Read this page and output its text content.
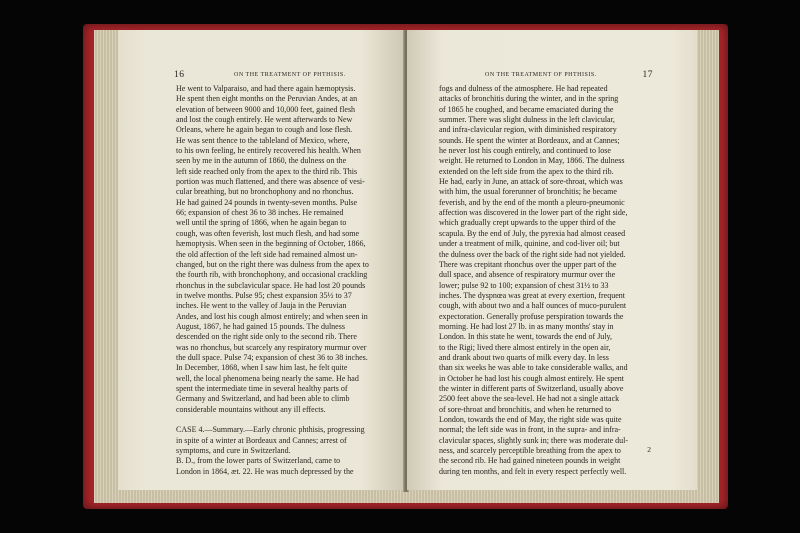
16	ON THE TREATMENT OF PHTHISIS.
He went to Valparaiso, and had there again hæmoptysis.
He spent then eight months on the Peruvian Andes, at an
elevation of between 9000 and 10,000 feet, gained flesh
and lost the cough entirely. He went afterwards to New
Orleans, where he again began to cough and lose flesh.
He was sent thence to the tableland of Mexico, where,
to his own feeling, he entirely recovered his health. When
seen by me in the autumn of 1860, the dulness on the
left side reached only from the apex to the third rib. This
portion was much flattened, and there was absence of vesi-
cular breathing, but no bronchophony and no rhonchus.
He had gained 24 pounds in twenty-seven months. Pulse
66; expansion of chest 36 to 38 inches. He remained
well until the spring of 1866, when he again began to
cough, was often feverish, lost much flesh, and had some
hæmoptysis. When seen in the beginning of October, 1866,
the old affection of the left side had remained almost un-
changed, but on the right there was dulness from the apex to
the fourth rib, with bronchophony, and occasional crackling
rhonchus in the subclavicular space. He had lost 20 pounds
in twelve months. Pulse 95; chest expansion 35½ to 37
inches. He went to the valley of Jauja in the Peruvian
Andes, and lost his cough almost entirely; and when seen in
August, 1867, he had gained 15 pounds. The dulness
descended on the right side only to the second rib. There
was no rhonchus, but scarcely any respiratory murmur over
the dull space. Pulse 74; expansion of chest 36 to 38 inches.
In December, 1868, when I saw him last, he felt quite
well, the local phenomena being nearly the same. He had
spent the intermediate time in several healthy parts of
Germany and Switzerland, and had been able to climb
considerable mountains without any ill effects.
CASE 4.—Summary.—Early chronic phthisis, progressing
in spite of a winter at Bordeaux and Cannes; arrest of
symptoms, and cure in Switzerland.
B. D., from the lower parts of Switzerland, came to
London in 1864, æt. 22. He was much depressed by the
ON THE TREATMENT OF PHTHISIS.	17
fogs and dulness of the atmosphere. He had repeated
attacks of bronchitis during the winter, and in the spring
of 1865 he coughed, and became emaciated during the
summer. There was slight dulness in the left clavicular,
and infra-clavicular region, with diminished respiratory
sounds. He spent the winter at Bordeaux, and at Cannes;
he never lost his cough entirely, and continued to lose
weight. He returned to London in May, 1866. The dulness
extended on the left side from the apex to the third rib.
He had, early in June, an attack of sore-throat, which was
with him, the usual forerunner of bronchitis; he became
feverish, and by the end of the month a pleuro-pneumonic
affection was discovered in the lower part of the right side,
which gradually crept upwards to the upper third of the
scapula. By the end of July, the pyrexia had almost ceased
under a treatment of milk, quinine, and cod-liver oil; but
the dulness over the back of the right side had not yielded.
There was crepitant rhonchus over the upper part of the
dull space, and absence of respiratory murmur over the
lower; pulse 92 to 100; expansion of chest 31½ to 33
inches. The dyspnœa was great at every exertion, frequent
cough, with about two and a half ounces of muco-purulent
expectoration. Generally profuse perspiration towards the
morning. He had lost 27 lb. in as many months' stay in
London. In this state he went, towards the end of July,
to the Rigi; lived there almost entirely in the open air,
and drank about two quarts of milk every day. In less
than six weeks he was able to take considerable walks, and
in October he had lost his cough almost entirely. He spent
the winter in different parts of Switzerland, usually above
2500 feet above the sea-level. He had not a single attack
of sore-throat and bronchitis, and when he returned to
London, towards the end of May, the right side was quite
normal; the left side was in front, in the supra- and infra-
clavicular spaces, slightly sunk in; there was moderate dul-
ness, and scarcely perceptible breathing from the apex to
the second rib. He had gained nineteen pounds in weight
during ten months, and felt in every respect perfectly well.
2
